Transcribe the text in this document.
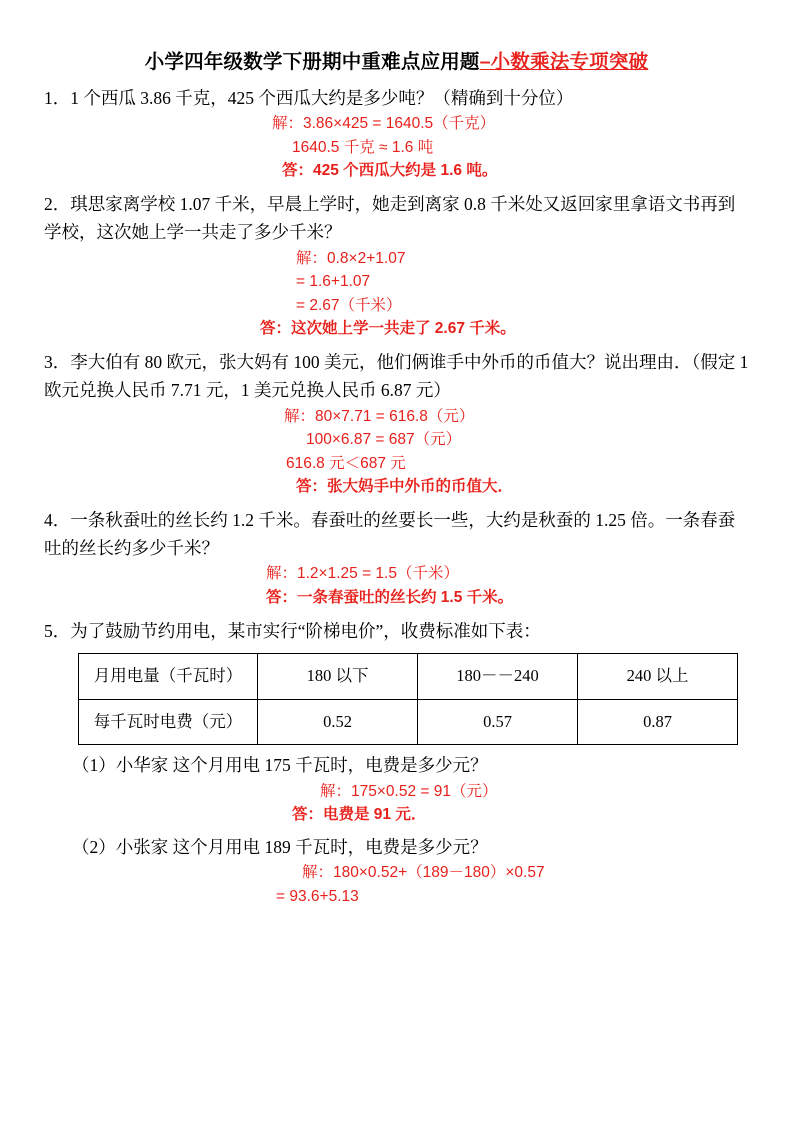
小学四年级数学下册期中重难点应用题–小数乘法专项突破
1．1 个西瓜 3.86 千克，425 个西瓜大约是多少吨？（精确到十分位）
解：3.86×425 = 1640.5（千克）
1640.5 千克 ≈ 1.6 吨
答：425 个西瓜大约是 1.6 吨。
2．琪思家离学校 1.07 千米，早晨上学时，她走到离家 0.8 千米处又返回家里拿语文书再到学校，这次她上学一共走了多少千米？
解：0.8×2+1.07
= 1.6+1.07
= 2.67（千米）
答：这次她上学一共走了 2.67 千米。
3．李大伯有 80 欧元，张大妈有 100 美元，他们俩谁手中外币的币值大？说出理由．（假定 1 欧元兑换人民币 7.71 元，1 美元兑换人民币 6.87 元）
解：80×7.71 = 616.8（元）
100×6.87 = 687（元）
616.8 元＜687 元
答：张大妈手中外币的币值大．
4．一条秋蚕吐的丝长约 1.2 千米。春蚕吐的丝要长一些，大约是秋蚕的 1.25 倍。一条春蚕吐的丝长约多少千米？
解：1.2×1.25 = 1.5（千米）
答：一条春蚕吐的丝长约 1.5 千米。
5．为了鼓励节约用电，某市实行“阶梯电价”，收费标准如下表：
月用电量（千瓦时）	180 以下	180－－240	240 以上
每千瓦时电费（元）	0.52	0.57	0.87
（1）小华家 这个月用电 175 千瓦时，电费是多少元？
解：175×0.52 = 91（元）
答：电费是 91 元．
（2）小张家 这个月用电 189 千瓦时，电费是多少元？
解：180×0.52+（189－180）×0.57
= 93.6+5.13
